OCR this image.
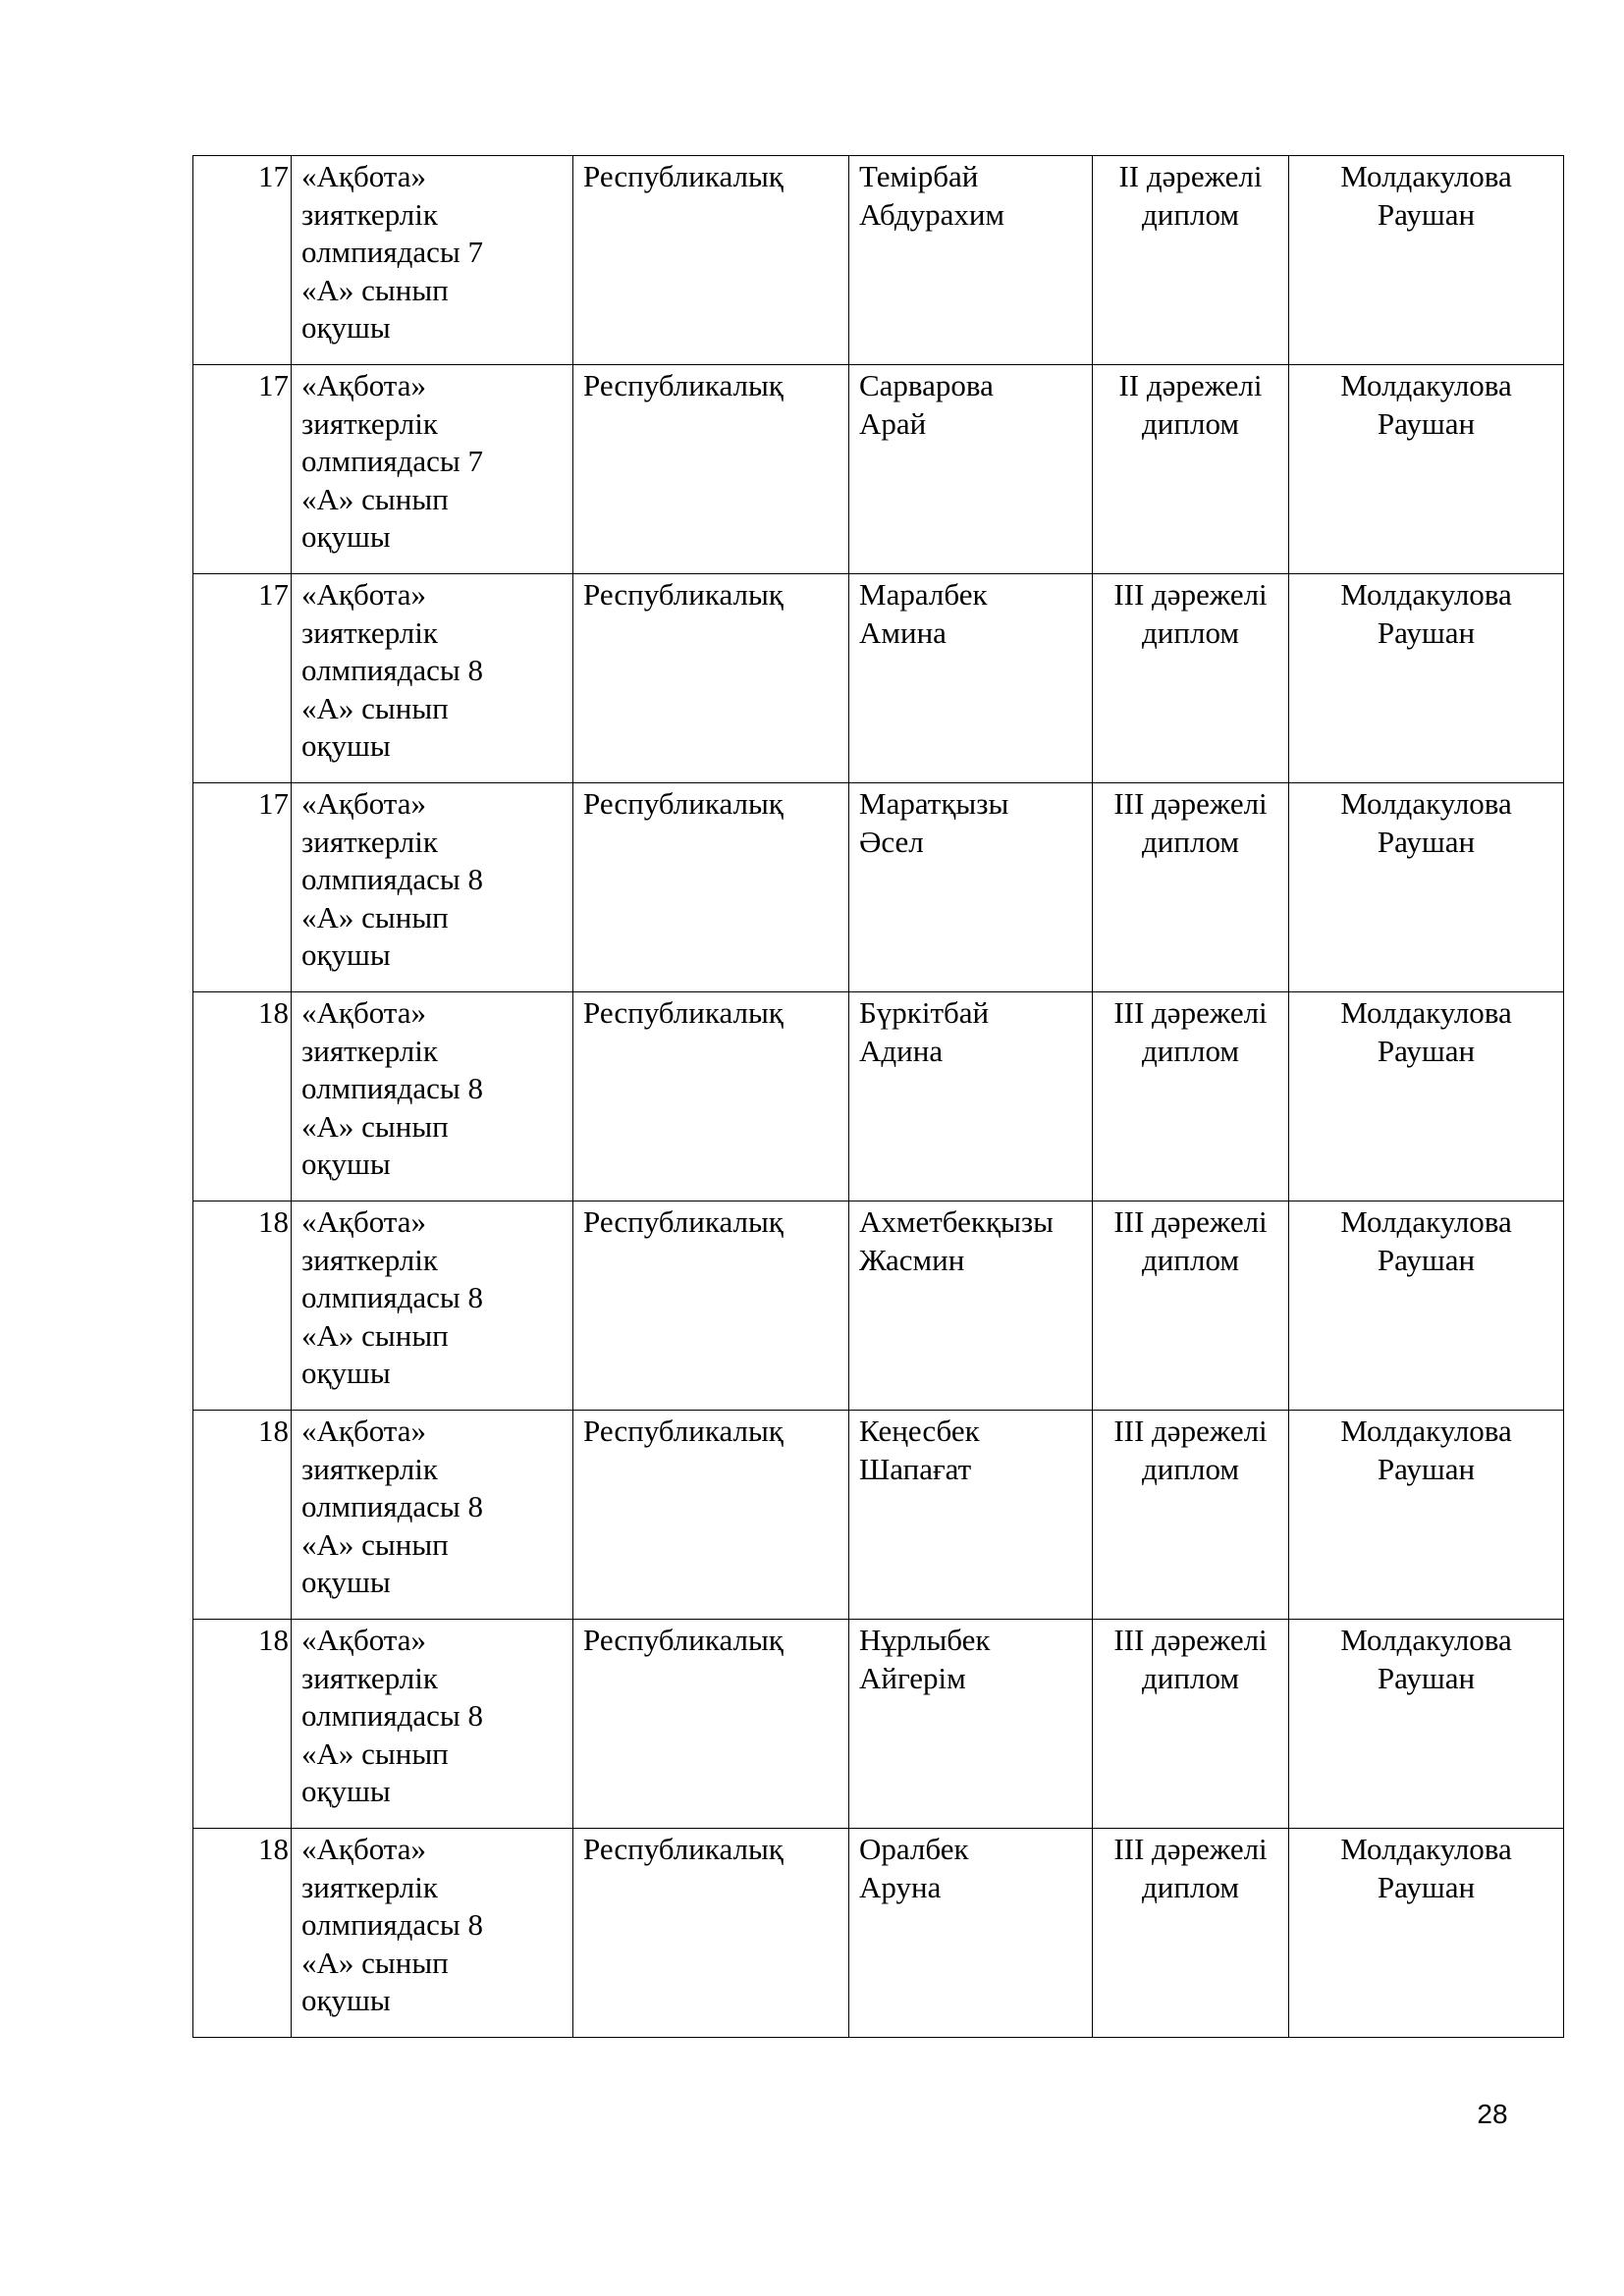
17	«Ақбота»
зияткерлік
олмпиядасы 7
«А» сынып
оқушы	Республикалық	Темірбай
Абдурахим	ІІ дәрежелі
диплом	Молдакулова
Раушан
17	«Ақбота»
зияткерлік
олмпиядасы 7
«А» сынып
оқушы	Республикалық	Сарварова
Арай	ІІ дәрежелі
диплом	Молдакулова
Раушан
17	«Ақбота»
зияткерлік
олмпиядасы 8
«А» сынып
оқушы	Республикалық	Маралбек
Амина	ІІІ дәрежелі
диплом	Молдакулова
Раушан
17	«Ақбота»
зияткерлік
олмпиядасы 8
«А» сынып
оқушы	Республикалық	Маратқызы
Әсел	ІІІ дәрежелі
диплом	Молдакулова
Раушан
18	«Ақбота»
зияткерлік
олмпиядасы 8
«А» сынып
оқушы	Республикалық	Бүркітбай
Адина	ІІІ дәрежелі
диплом	Молдакулова
Раушан
18	«Ақбота»
зияткерлік
олмпиядасы 8
«А» сынып
оқушы	Республикалық	Ахметбекқызы
Жасмин	ІІІ дәрежелі
диплом	Молдакулова
Раушан
18	«Ақбота»
зияткерлік
олмпиядасы 8
«А» сынып
оқушы	Республикалық	Кеңесбек
Шапағат	ІІІ дәрежелі
диплом	Молдакулова
Раушан
18	«Ақбота»
зияткерлік
олмпиядасы 8
«А» сынып
оқушы	Республикалық	Нұрлыбек
Айгерім	ІІІ дәрежелі
диплом	Молдакулова
Раушан
18	«Ақбота»
зияткерлік
олмпиядасы 8
«А» сынып
оқушы	Республикалық	Оралбек
Аруна	ІІІ дәрежелі
диплом	Молдакулова
Раушан
28
